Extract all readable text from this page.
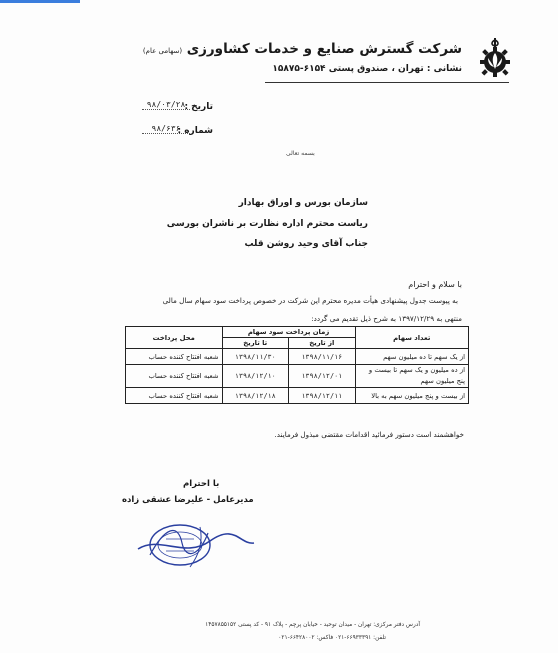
شرکت گسترش صنایع و خدمات کشاورزی (سهامی عام)
نشانی : تهران ، صندوق پستی ۶۱۵۴-۱۵۸۷۵
تاریخ :
۹۸/۰۳/۲۸
شماره :
۹۸/۶۳۶
بسمه تعالی
سازمان بورس و اوراق بهادار
ریاست محترم اداره نظارت بر ناشران بورسی
جناب آقای وحید روشن قلب
با سلام و احترام
به پیوست جدول پیشنهادی هیأت مدیره محترم این شرکت در خصوص پرداخت سود سهام سال مالی
منتهی به ۱۳۹۷/۱۲/۲۹ به شرح ذیل تقدیم می گردد:
تعداد سهام	زمان پرداخت سود سهام		محل پرداخت
	از تاریخ	تا تاریخ	
از یک سهم تا ده میلیون سهم	۱۳۹۸/۱۱/۱۶	۱۳۹۸/۱۱/۳۰	شعبه افتتاح کننده حساب
از ده میلیون و یک سهم تا بیست و
پنج میلیون سهم	۱۳۹۸/۱۲/۰۱	۱۳۹۸/۱۲/۱۰	شعبه افتتاح کننده حساب
از بیست و پنج میلیون سهم به بالا	۱۳۹۸/۱۲/۱۱	۱۳۹۸/۱۲/۱۸	شعبه افتتاح کننده حساب
خواهشمند است دستور فرمائید اقدامات مقتضی مبذول فرمایند.
با احترام
مدیرعامل - علیرضا عشقی زاده
آدرس دفتر مرکزی: تهران - میدان توحید - خیابان پرچم - پلاک ۹۱ - کد پستی ۱۴۵۷۸۵۵۱۵۲
تلفن: ۶۶۹۳۳۳۹۱-۰۲۱ فاکس: ۶۶۴۲۸۰۰۲-۰۲۱
